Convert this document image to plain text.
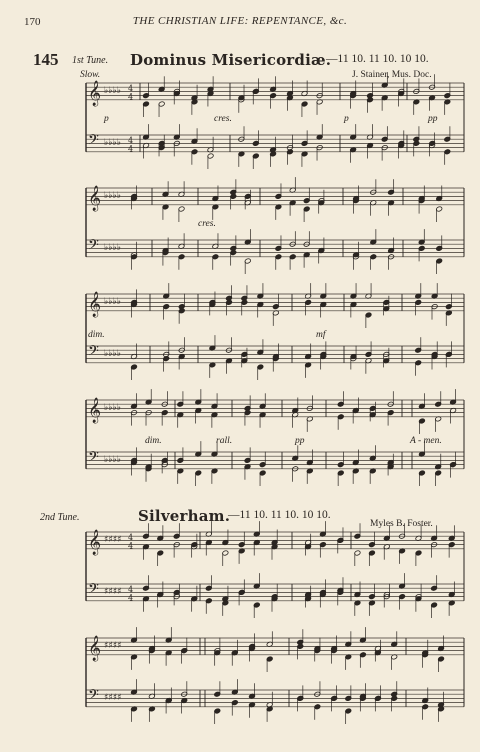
170	THE CHRISTIAN LIFE: REPENTANCE, &c.
145 1st Tune. Dominus Misericordiæ.
—11 10. 11 10. 10 10.
J. Stainer, Mus. Doc.
Slow.
p	cres.	p	pp
cres.
dim.	mf
dim.	rall.	pp	A - men.
2nd Tune.	Silverham.
—11 10. 11 10. 10 10.
Myles B. Foster.
𝄞 ♭♭♭♭ 4
4
𝄢 ♭♭♭♭ 4
4
𝄞 ♭♭♭♭
𝄢 ♭♭♭♭
𝄞 ♭♭♭♭
𝄢 ♭♭♭♭
𝄞 ♭♭♭♭
𝄢 ♭♭♭♭
𝄞 ♯♯♯♯ 4
4
𝄢 ♯♯♯♯ 4
4
𝄞 ♯♯♯♯
𝄢 ♯♯♯♯
